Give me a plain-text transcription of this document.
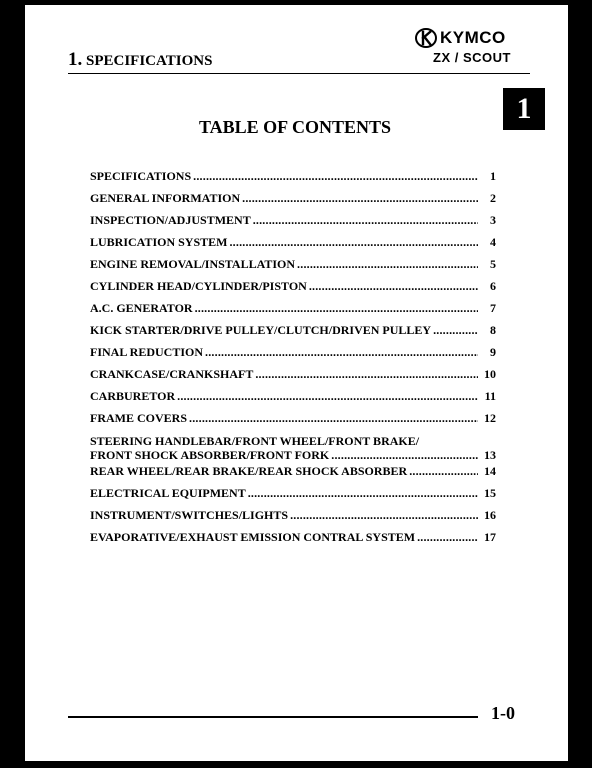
1. SPECIFICATIONS
KYMCO
ZX / SCOUT
1
TABLE OF CONTENTS
SPECIFICATIONS .....	1
GENERAL INFORMATION .....	2
INSPECTION/ADJUSTMENT .....	3
LUBRICATION SYSTEM .....	4
ENGINE REMOVAL/INSTALLATION .....	5
CYLINDER HEAD/CYLINDER/PISTON .....	6
A.C. GENERATOR .....	7
KICK STARTER/DRIVE PULLEY/CLUTCH/DRIVEN PULLEY .....	8
FINAL REDUCTION .....	9
CRANKCASE/CRANKSHAFT .....	10
CARBURETOR .....	11
FRAME COVERS .....	12
STEERING HANDLEBAR/FRONT WHEEL/FRONT BRAKE/
FRONT SHOCK ABSORBER/FRONT FORK .....	13
REAR WHEEL/REAR BRAKE/REAR SHOCK ABSORBER .....	14
ELECTRICAL EQUIPMENT .....	15
INSTRUMENT/SWITCHES/LIGHTS .....	16
EVAPORATIVE/EXHAUST EMISSION CONTRAL SYSTEM .....	17
1-0
